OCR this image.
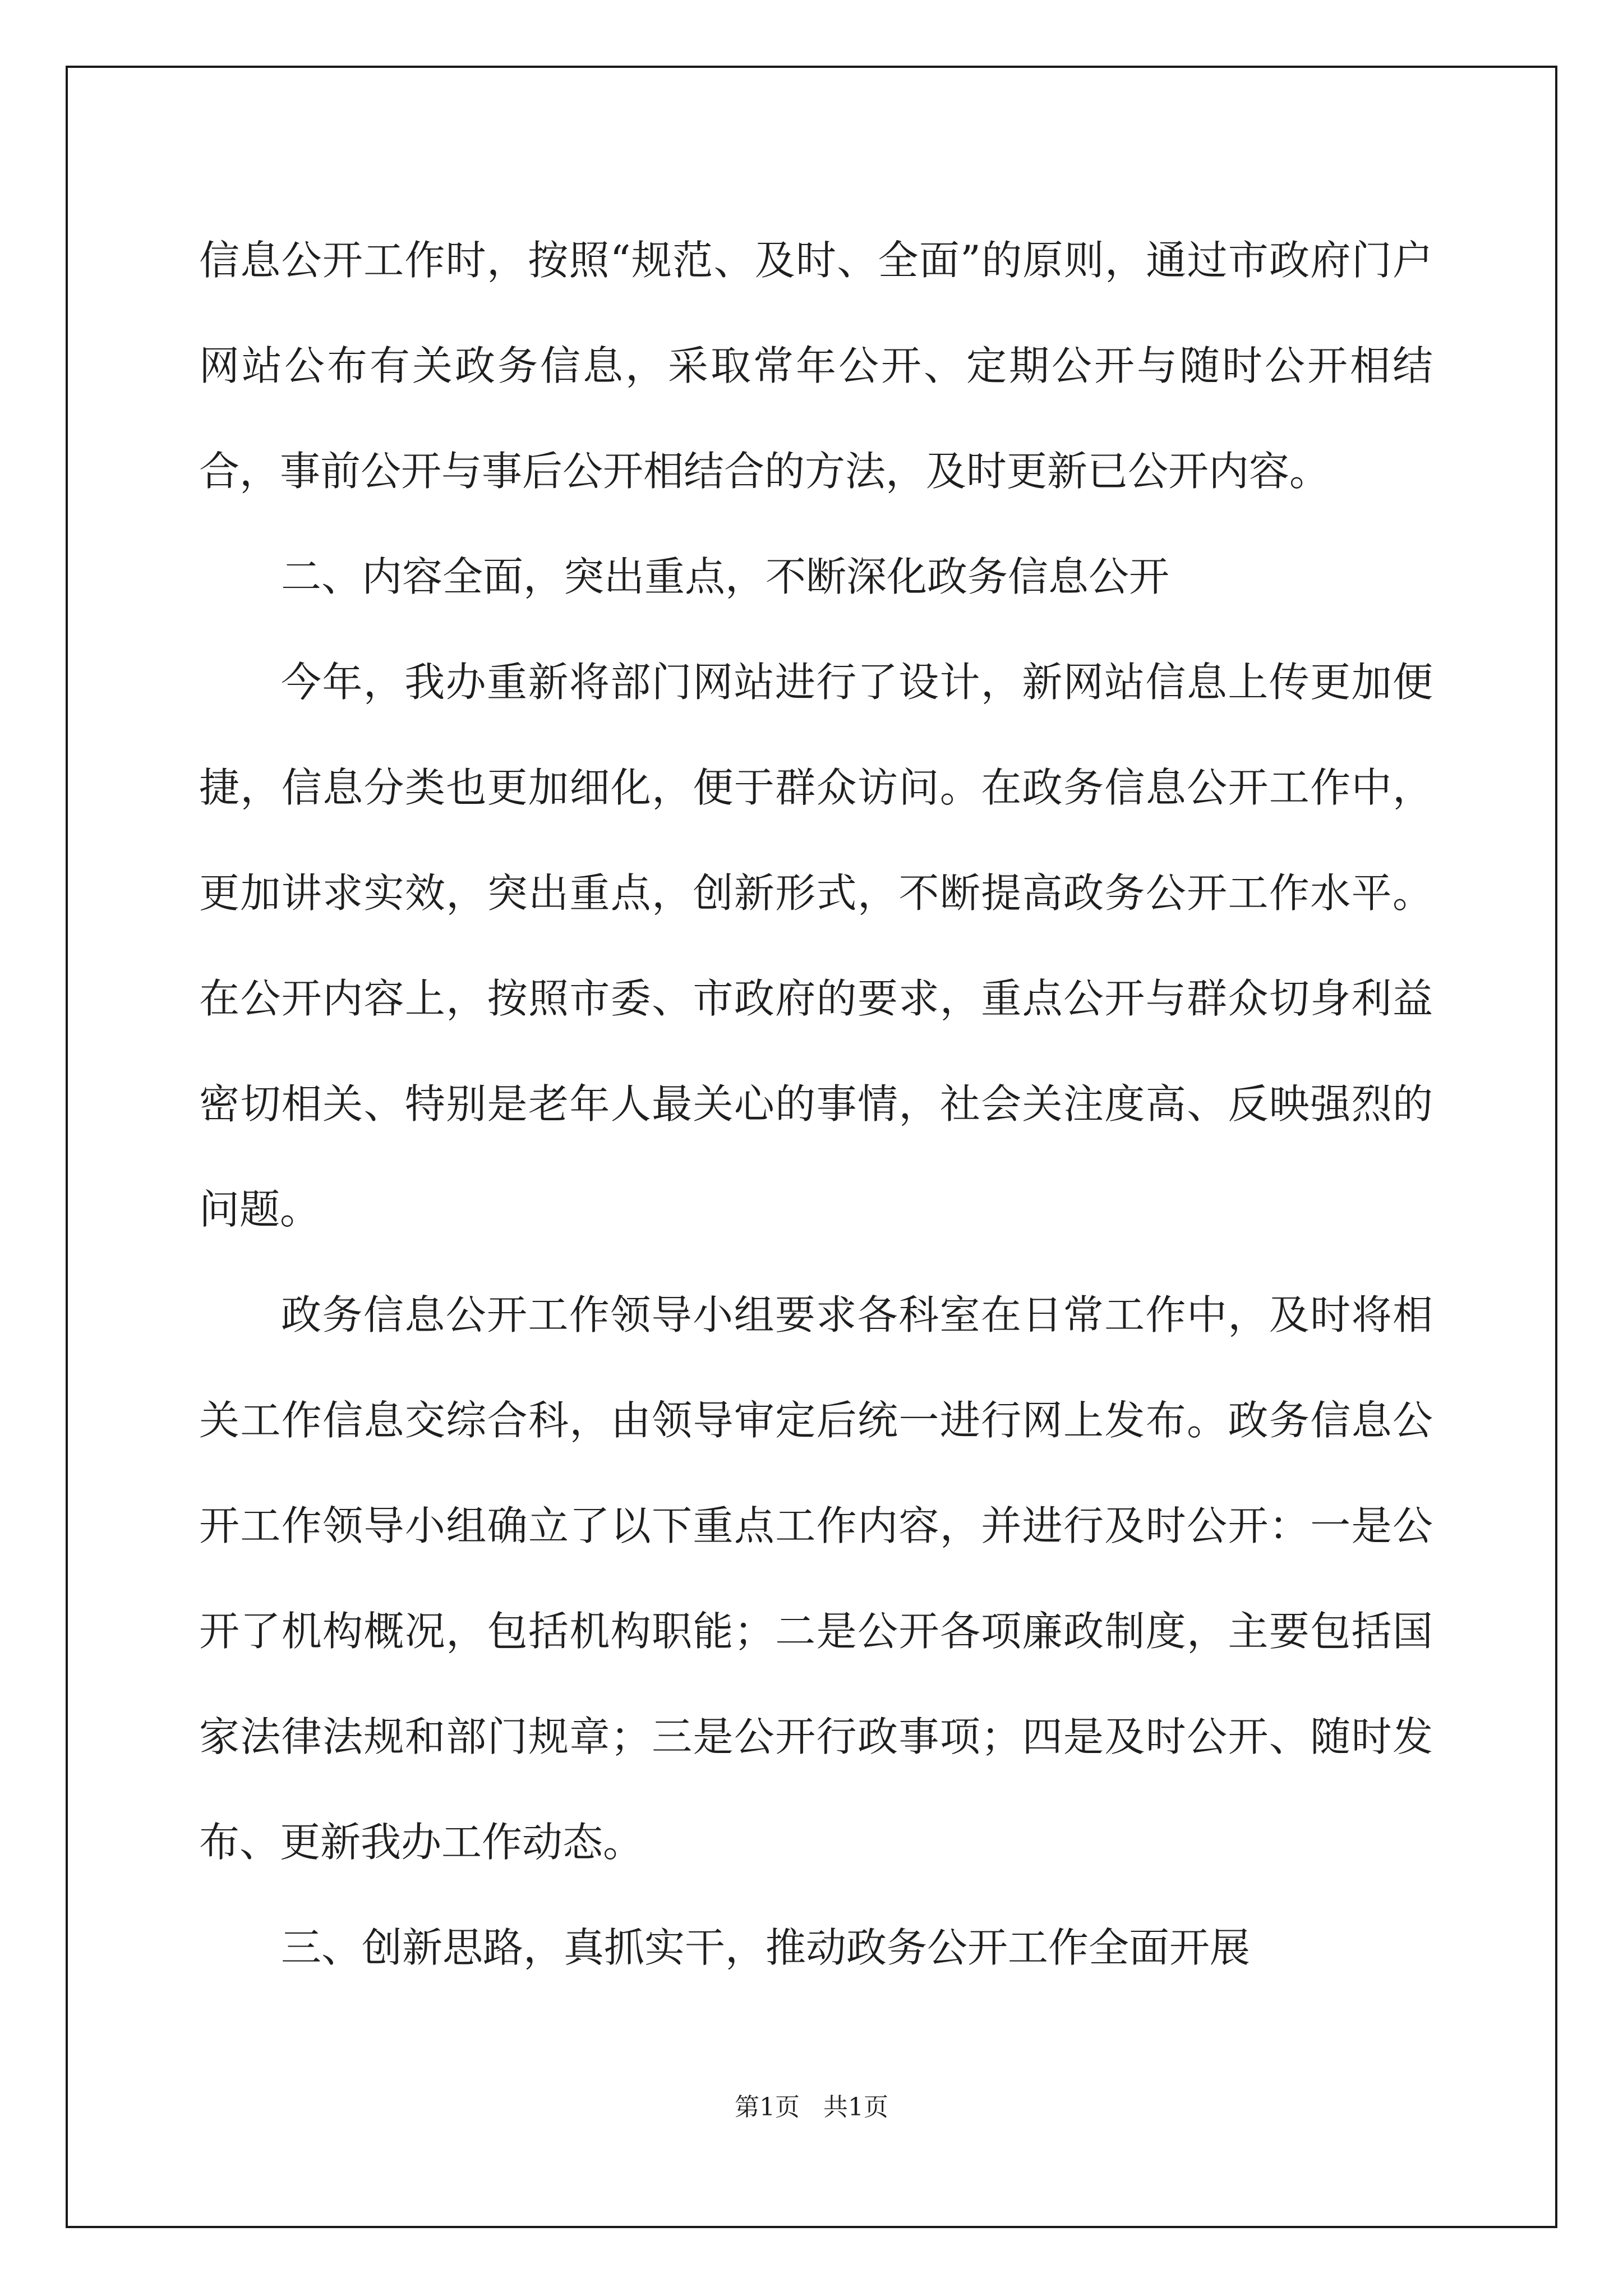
信息公开工作时，按照“规范、及时、全面”的原则，通过市政府门户网站公布有关政务信息，采取常年公开、定期公开与随时公开相结合，事前公开与事后公开相结合的方法，及时更新已公开内容。

二、内容全面，突出重点，不断深化政务信息公开

今年，我办重新将部门网站进行了设计，新网站信息上传更加便捷，信息分类也更加细化，便于群众访问。在政务信息公开工作中，更加讲求实效，突出重点，创新形式，不断提高政务公开工作水平。在公开内容上，按照市委、市政府的要求，重点公开与群众切身利益密切相关、特别是老年人最关心的事情，社会关注度高、反映强烈的问题。

政务信息公开工作领导小组要求各科室在日常工作中，及时将相关工作信息交综合科，由领导审定后统一进行网上发布。政务信息公开工作领导小组确立了以下重点工作内容，并进行及时公开：一是公开了机构概况，包括机构职能；二是公开各项廉政制度，主要包括国家法律法规和部门规章；三是公开行政事项；四是及时公开、随时发布、更新我办工作动态。

三、创新思路，真抓实干，推动政务公开工作全面开展

第1页   共1页
